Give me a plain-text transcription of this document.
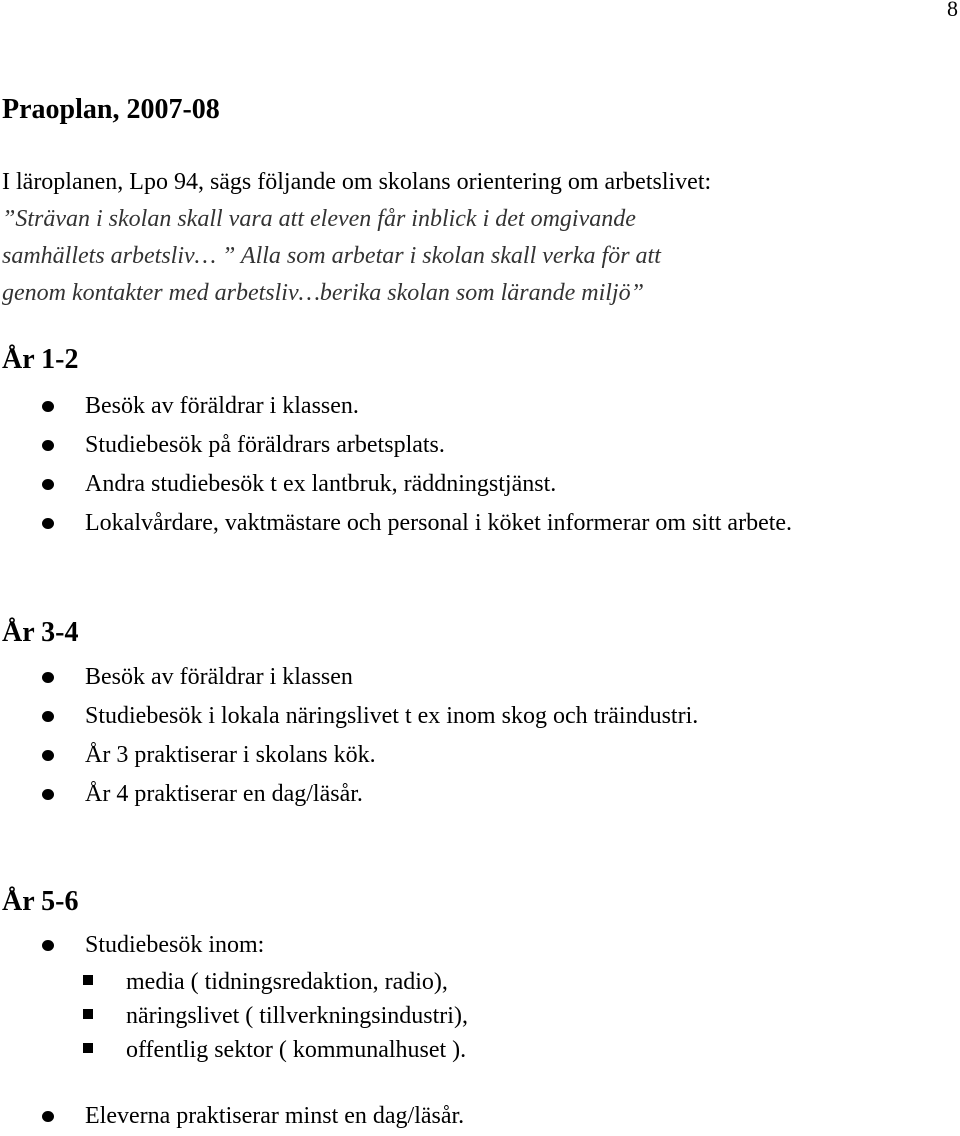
8
Praoplan, 2007-08

I läroplanen, Lpo 94, sägs följande om skolans orientering om arbetslivet:
”Strävan i skolan skall vara att eleven får inblick i det omgivande
samhällets arbetsliv… ” Alla som arbetar i skolan skall verka för att
genom kontakter med arbetsliv…berika skolan som lärande miljö”

År 1-2
Besök av föräldrar i klassen.
Studiebesök på föräldrars arbetsplats.
Andra studiebesök t ex lantbruk, räddningstjänst.
Lokalvårdare, vaktmästare och personal i köket informerar om sitt arbete.
År 3-4
Besök av föräldrar i klassen
Studiebesök i lokala näringslivet t ex inom skog och träindustri.
År 3 praktiserar i skolans kök.
År 4 praktiserar en dag/läsår.
År 5-6
Studiebesök inom:
media ( tidningsredaktion, radio),
näringslivet ( tillverkningsindustri),
offentlig sektor ( kommunalhuset ).
Eleverna praktiserar minst en dag/läsår.
